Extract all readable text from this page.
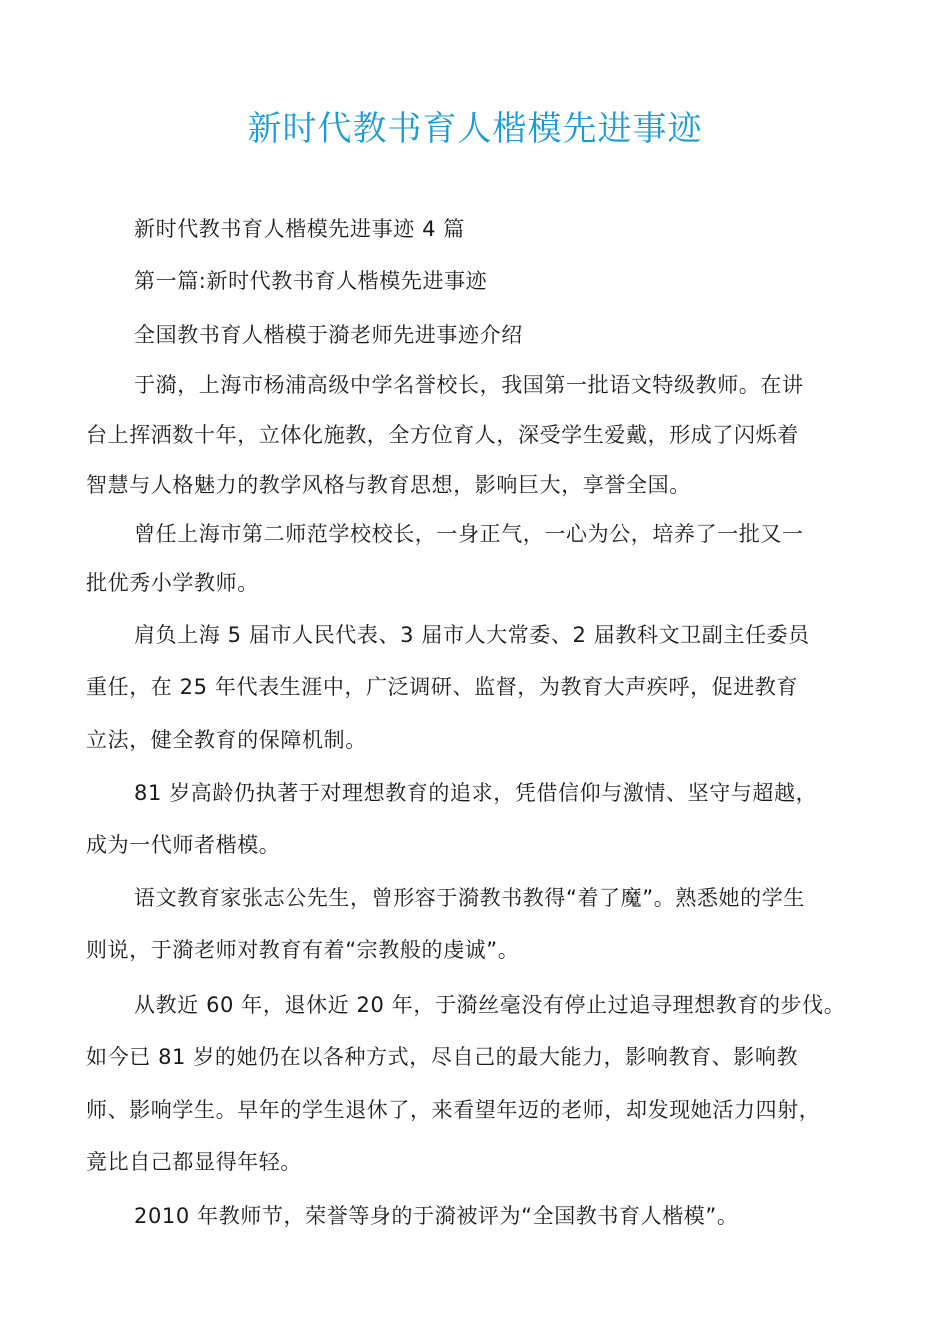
新时代教书育人楷模先进事迹
新时代教书育人楷模先进事迹 4 篇
第一篇:新时代教书育人楷模先进事迹
全国教书育人楷模于漪老师先进事迹介绍
于漪，上海市杨浦高级中学名誉校长，我国第一批语文特级教师。在讲
台上挥洒数十年，立体化施教，全方位育人，深受学生爱戴，形成了闪烁着
智慧与人格魅力的教学风格与教育思想，影响巨大，享誉全国。
曾任上海市第二师范学校校长，一身正气，一心为公，培养了一批又一
批优秀小学教师。
肩负上海 5 届市人民代表、3 届市人大常委、2 届教科文卫副主任委员
重任，在 25 年代表生涯中，广泛调研、监督，为教育大声疾呼，促进教育
立法，健全教育的保障机制。
81 岁高龄仍执著于对理想教育的追求，凭借信仰与激情、坚守与超越，
成为一代师者楷模。
语文教育家张志公先生，曾形容于漪教书教得“着了魔”。熟悉她的学生
则说，于漪老师对教育有着“宗教般的虔诚”。
从教近 60 年，退休近 20 年，于漪丝毫没有停止过追寻理想教育的步伐。
如今已 81 岁的她仍在以各种方式，尽自己的最大能力，影响教育、影响教
师、影响学生。早年的学生退休了，来看望年迈的老师，却发现她活力四射，
竟比自己都显得年轻。
2010 年教师节，荣誉等身的于漪被评为“全国教书育人楷模”。
